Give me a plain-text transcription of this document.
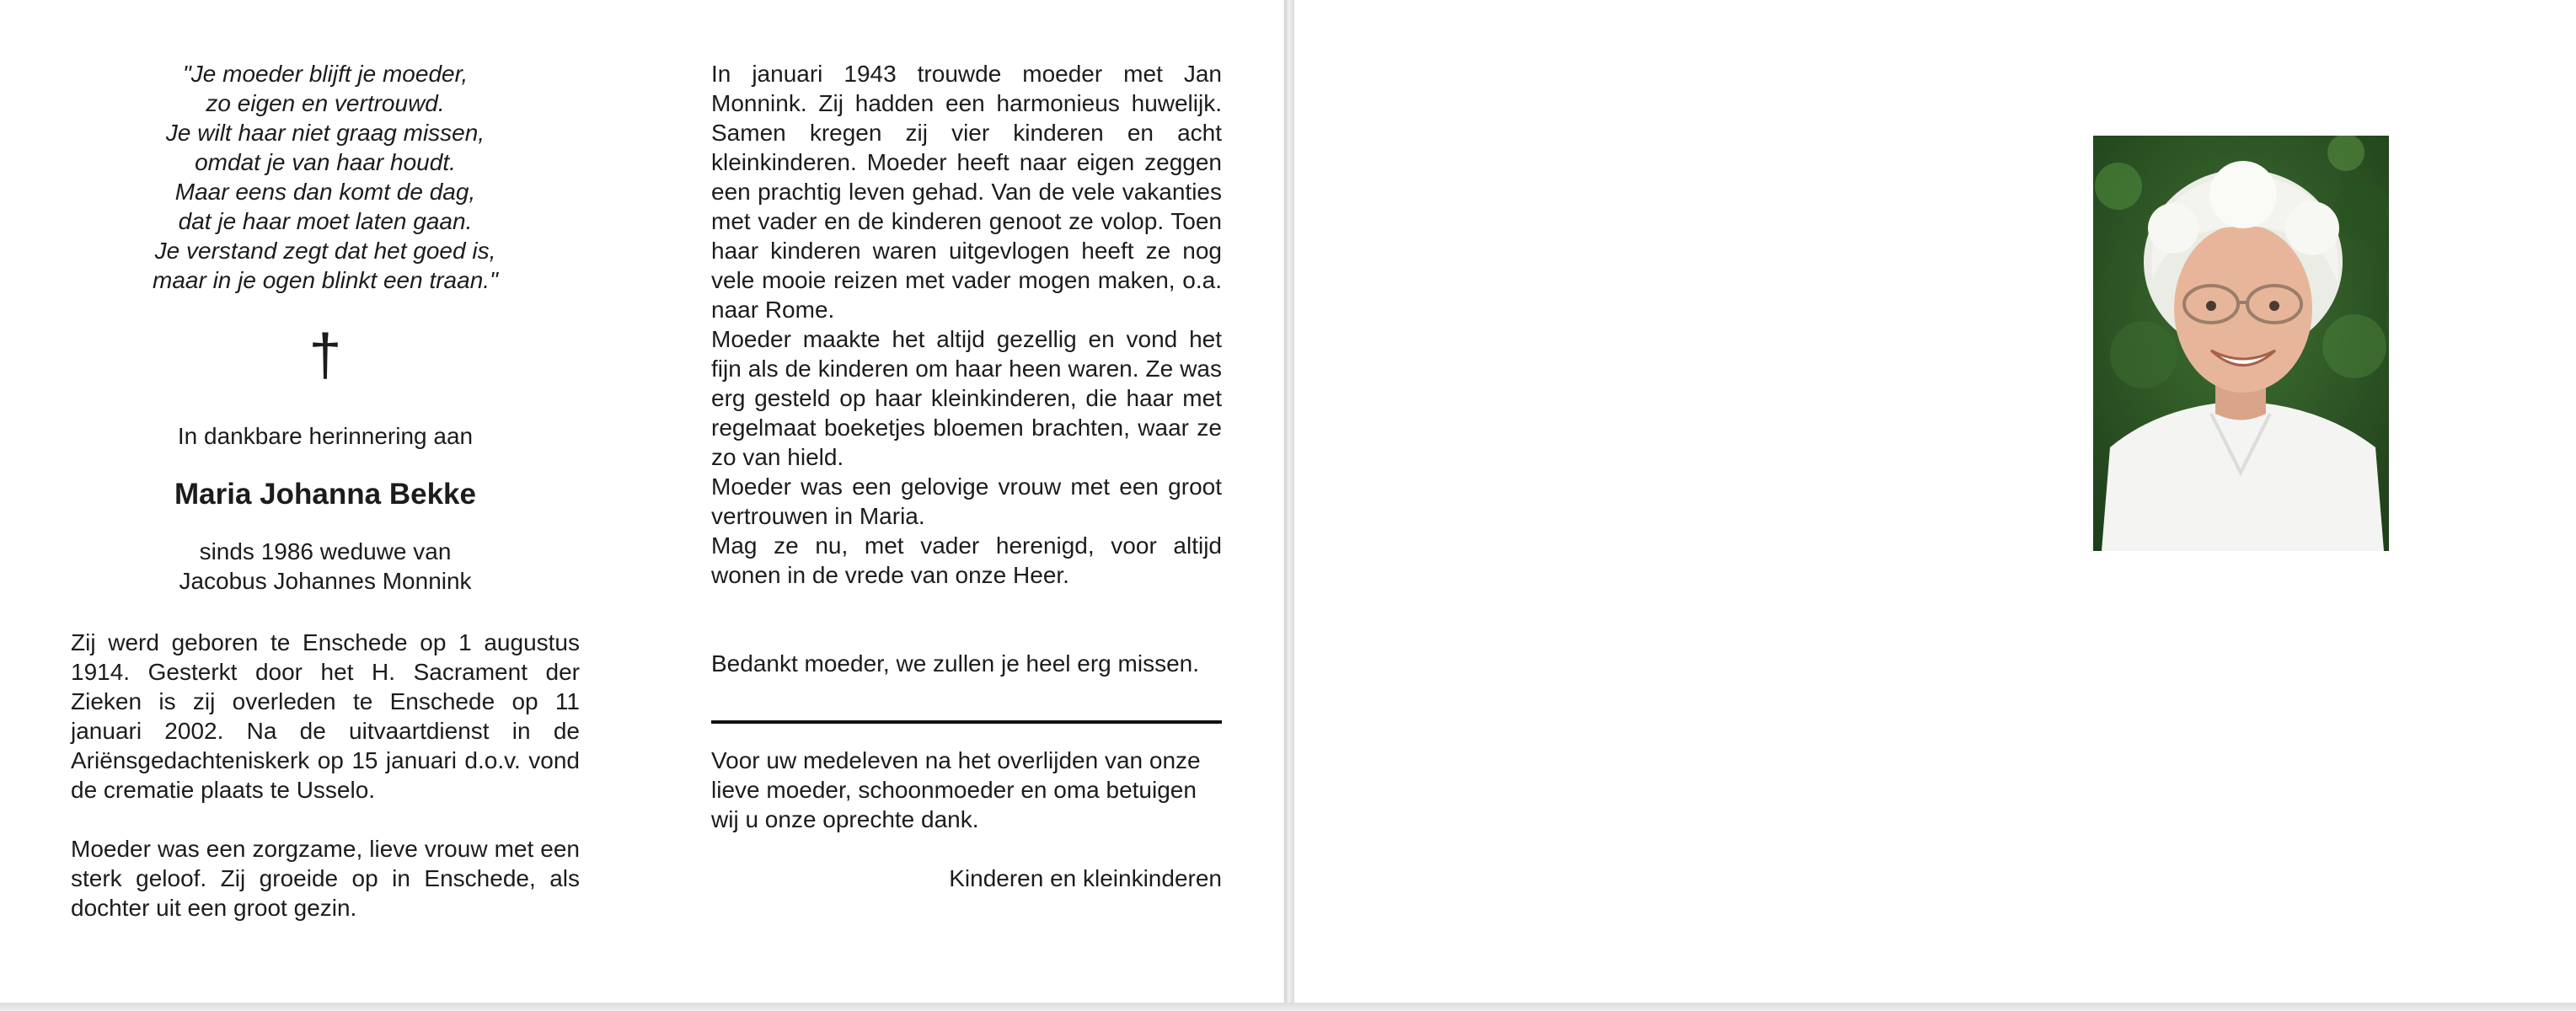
"Je moeder blijft je moeder,

zo eigen en vertrouwd.

Je wilt haar niet graag missen,

omdat je van haar houdt.

Maar eens dan komt de dag,

dat je haar moet laten gaan.

Je verstand zegt dat het goed is,

maar in je ogen blinkt een traan."

†
In dankbare herinnering aan
Maria Johanna Bekke
sinds 1986 weduwe van
Jacobus Johannes Monnink

Zij werd geboren te Enschede op 1 augustus 1914. Gesterkt door het H. Sacrament der Zieken is zij overleden te Enschede op 11 januari 2002. Na de uitvaartdienst in de Ariënsgedachteniskerk op 15 januari d.o.v. vond de crematie plaats te Usselo.

Moeder was een zorgzame, lieve vrouw met een sterk geloof. Zij groeide op in Enschede, als dochter uit een groot gezin.

In januari 1943 trouwde moeder met Jan Monnink. Zij hadden een harmonieus huwelijk. Samen kregen zij vier kinderen en acht kleinkinderen. Moeder heeft naar eigen zeggen een prachtig leven gehad. Van de vele vakanties met vader en de kinderen genoot ze volop. Toen haar kinderen waren uitgevlogen heeft ze nog vele mooie reizen met vader mogen maken, o.a. naar Rome.

Moeder maakte het altijd gezellig en vond het fijn als de kinderen om haar heen waren. Ze was erg gesteld op haar kleinkinderen, die haar met regelmaat boeketjes bloemen brachten, waar ze zo van hield.

Moeder was een gelovige vrouw met een groot vertrouwen in Maria.

Mag ze nu, met vader herenigd, voor altijd wonen in de vrede van onze Heer.

Bedankt moeder, we zullen je heel erg missen.
Voor uw medeleven na het overlijden van onze lieve moeder, schoonmoeder en oma betuigen wij u onze oprechte dank.
Kinderen en kleinkinderen
